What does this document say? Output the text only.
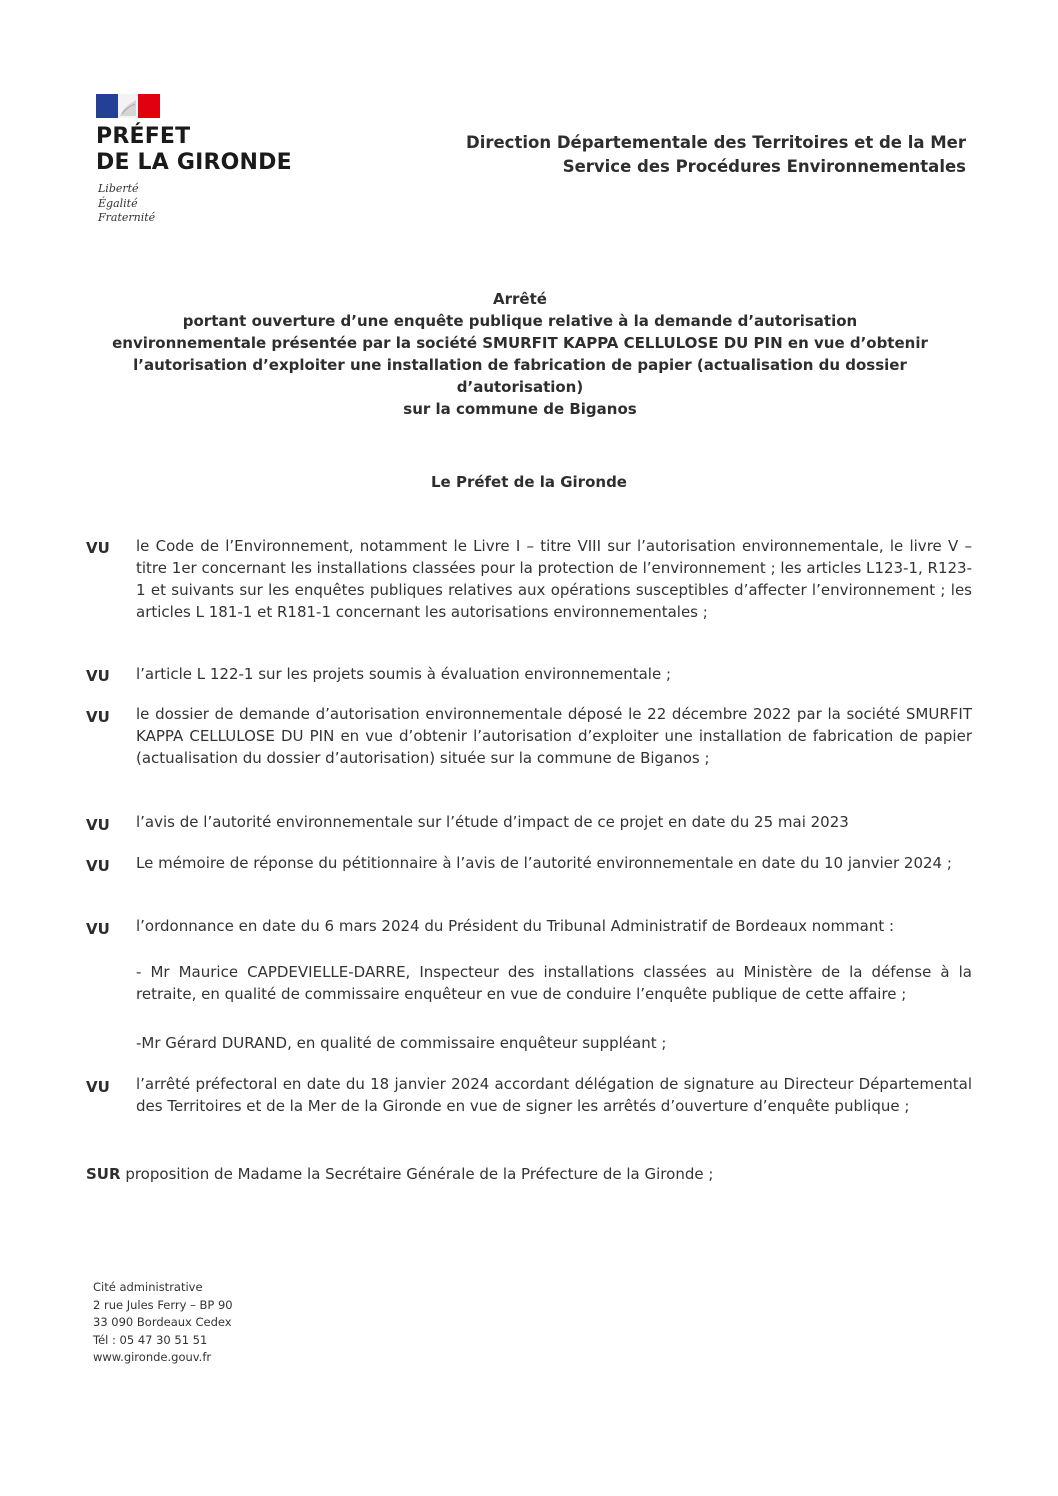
PRÉFET
DE LA GIRONDE
Liberté
Égalité
Fraternité
Direction Départementale des Territoires et de la Mer
Service des Procédures Environnementales
Arrêté
portant ouverture d’une enquête publique relative à la demande d’autorisation
environnementale présentée par la société SMURFIT KAPPA CELLULOSE DU PIN en vue d’obtenir
l’autorisation d’exploiter une installation de fabrication de papier (actualisation du dossier
d’autorisation)
sur la commune de Biganos
Le Préfet de la Gironde
VU le Code de l’Environnement, notamment le Livre I – titre VIII sur l’autorisation environnementale, le livre V – titre 1er concernant les installations classées pour la protection de l’environnement ; les articles L123-1, R123-1 et suivants sur les enquêtes publiques relatives aux opérations susceptibles d’affecter l’environnement ; les articles L 181-1 et R181-1 concernant les autorisations environnementales ;
VU l’article L 122-1 sur les projets soumis à évaluation environnementale ;
VU le dossier de demande d’autorisation environnementale déposé le 22 décembre 2022 par la société SMURFIT KAPPA CELLULOSE DU PIN en vue d’obtenir l’autorisation d’exploiter une installation de fabrication de papier (actualisation du dossier d’autorisation) située sur la commune de Biganos ;
VU l’avis de l’autorité environnementale sur l’étude d’impact de ce projet en date du 25 mai 2023
VU Le mémoire de réponse du pétitionnaire à l’avis de l’autorité environnementale en date du 10 janvier 2024 ;
VU l’ordonnance en date du 6 mars 2024 du Président du Tribunal Administratif de Bordeaux nommant :
- Mr Maurice CAPDEVIELLE-DARRE, Inspecteur des installations classées au Ministère de la défense à la retraite, en qualité de commissaire enquêteur en vue de conduire l’enquête publique de cette affaire ;
-Mr Gérard DURAND, en qualité de commissaire enquêteur suppléant ;
VU l’arrêté préfectoral en date du 18 janvier 2024 accordant délégation de signature au Directeur Départemental des Territoires et de la Mer de la Gironde en vue de signer les arrêtés d’ouverture d’enquête publique ;
SUR proposition de Madame la Secrétaire Générale de la Préfecture de la Gironde ;
Cité administrative
2 rue Jules Ferry – BP 90
33 090 Bordeaux Cedex
Tél : 05 47 30 51 51
www.gironde.gouv.fr
